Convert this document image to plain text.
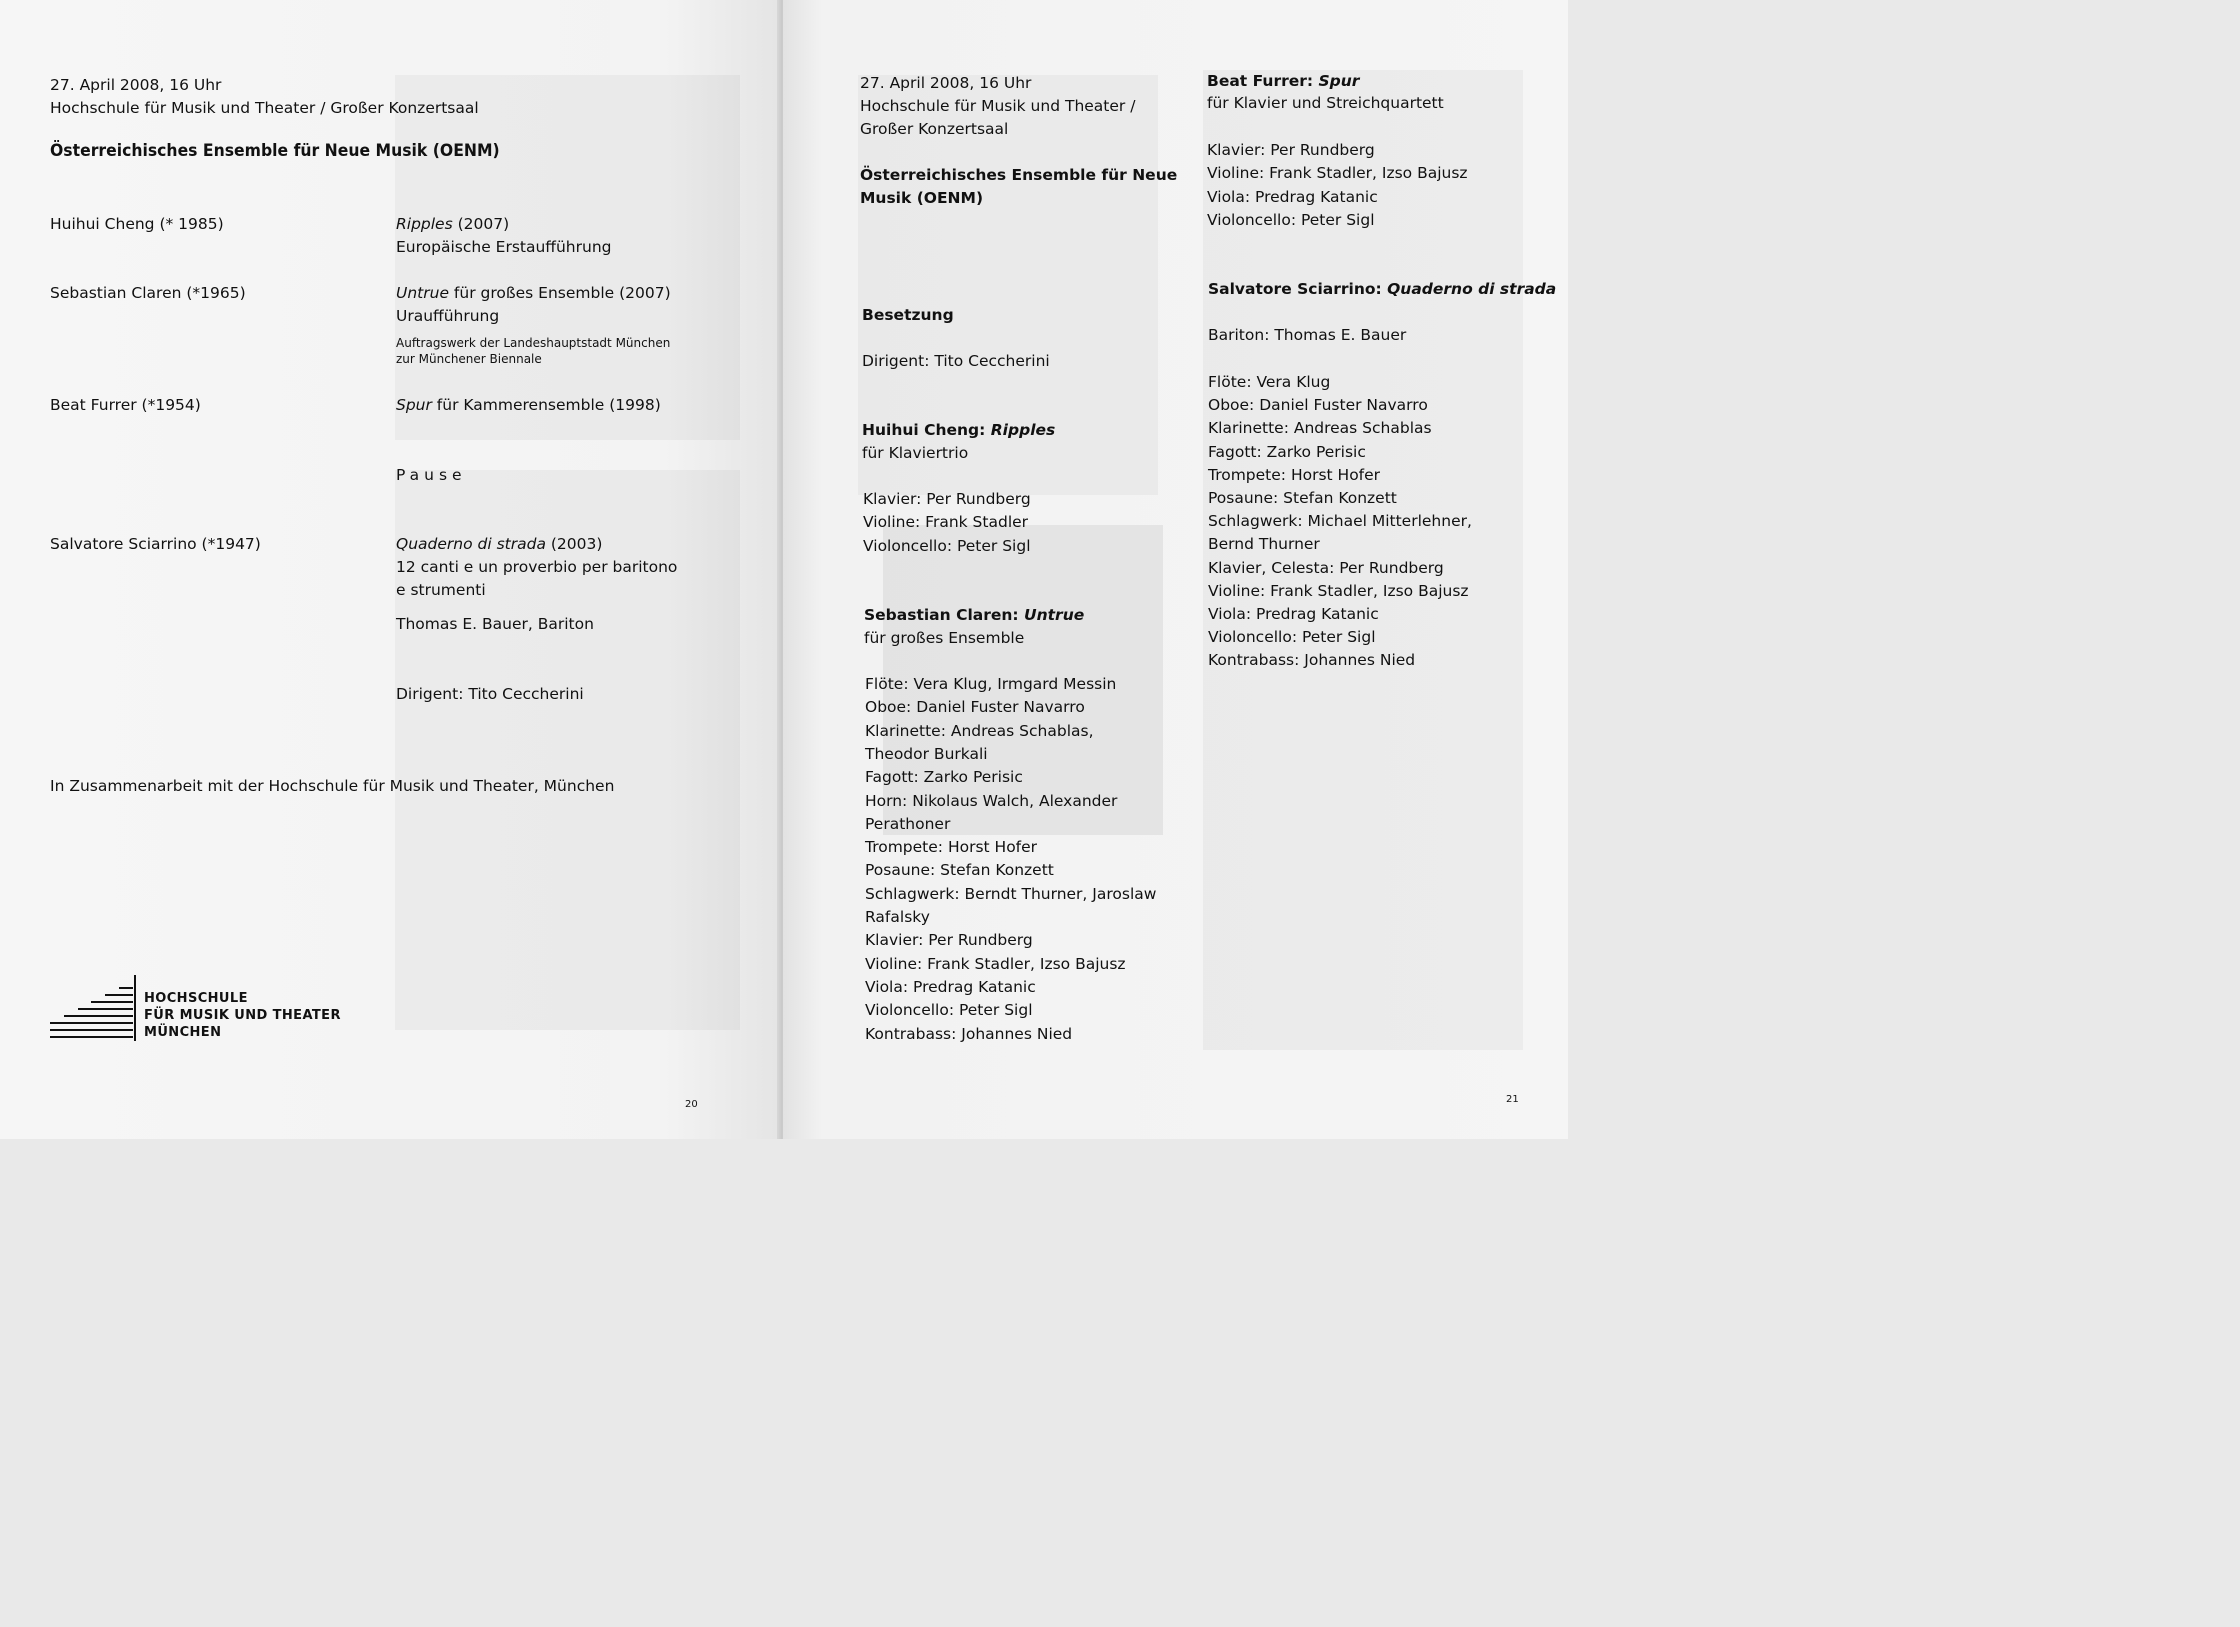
27. April 2008, 16 Uhr
Hochschule für Musik und Theater / Großer Konzertsaal
Österreichisches Ensemble für Neue Musik (OENM)
Huihui Cheng (* 1985)	Ripples (2007)
Europäische Erstaufführung
Sebastian Claren (*1965)	Untrue für großes Ensemble (2007)
Uraufführung
Auftragswerk der Landeshauptstadt München
zur Münchener Biennale
Beat Furrer (*1954)	Spur für Kammerensemble (1998)
Pause
Salvatore Sciarrino (*1947)	Quaderno di strada (2003)
12 canti e un proverbio per baritono
e strumenti
Thomas E. Bauer, Bariton
Dirigent: Tito Ceccherini
In Zusammenarbeit mit der Hochschule für Musik und Theater, München
HOCHSCHULE
FÜR MUSIK UND THEATER
MÜNCHEN
20
27. April 2008, 16 Uhr
Hochschule für Musik und Theater /
Großer Konzertsaal
Österreichisches Ensemble für Neue
Musik (OENM)
Besetzung
Dirigent: Tito Ceccherini
Huihui Cheng: Ripples
für Klaviertrio
Klavier: Per Rundberg
Violine: Frank Stadler
Violoncello: Peter Sigl
Sebastian Claren: Untrue
für großes Ensemble
Flöte: Vera Klug, Irmgard Messin
Oboe: Daniel Fuster Navarro
Klarinette: Andreas Schablas,
Theodor Burkali
Fagott: Zarko Perisic
Horn: Nikolaus Walch, Alexander
Perathoner
Trompete: Horst Hofer
Posaune: Stefan Konzett
Schlagwerk: Berndt Thurner, Jaroslaw
Rafalsky
Klavier: Per Rundberg
Violine: Frank Stadler, Izso Bajusz
Viola: Predrag Katanic
Violoncello: Peter Sigl
Kontrabass: Johannes Nied
Beat Furrer: Spur
für Klavier und Streichquartett
Klavier: Per Rundberg
Violine: Frank Stadler, Izso Bajusz
Viola: Predrag Katanic
Violoncello: Peter Sigl
Salvatore Sciarrino: Quaderno di strada
Bariton: Thomas E. Bauer
Flöte: Vera Klug
Oboe: Daniel Fuster Navarro
Klarinette: Andreas Schablas
Fagott: Zarko Perisic
Trompete: Horst Hofer
Posaune: Stefan Konzett
Schlagwerk: Michael Mitterlehner,
Bernd Thurner
Klavier, Celesta: Per Rundberg
Violine: Frank Stadler, Izso Bajusz
Viola: Predrag Katanic
Violoncello: Peter Sigl
Kontrabass: Johannes Nied
21
